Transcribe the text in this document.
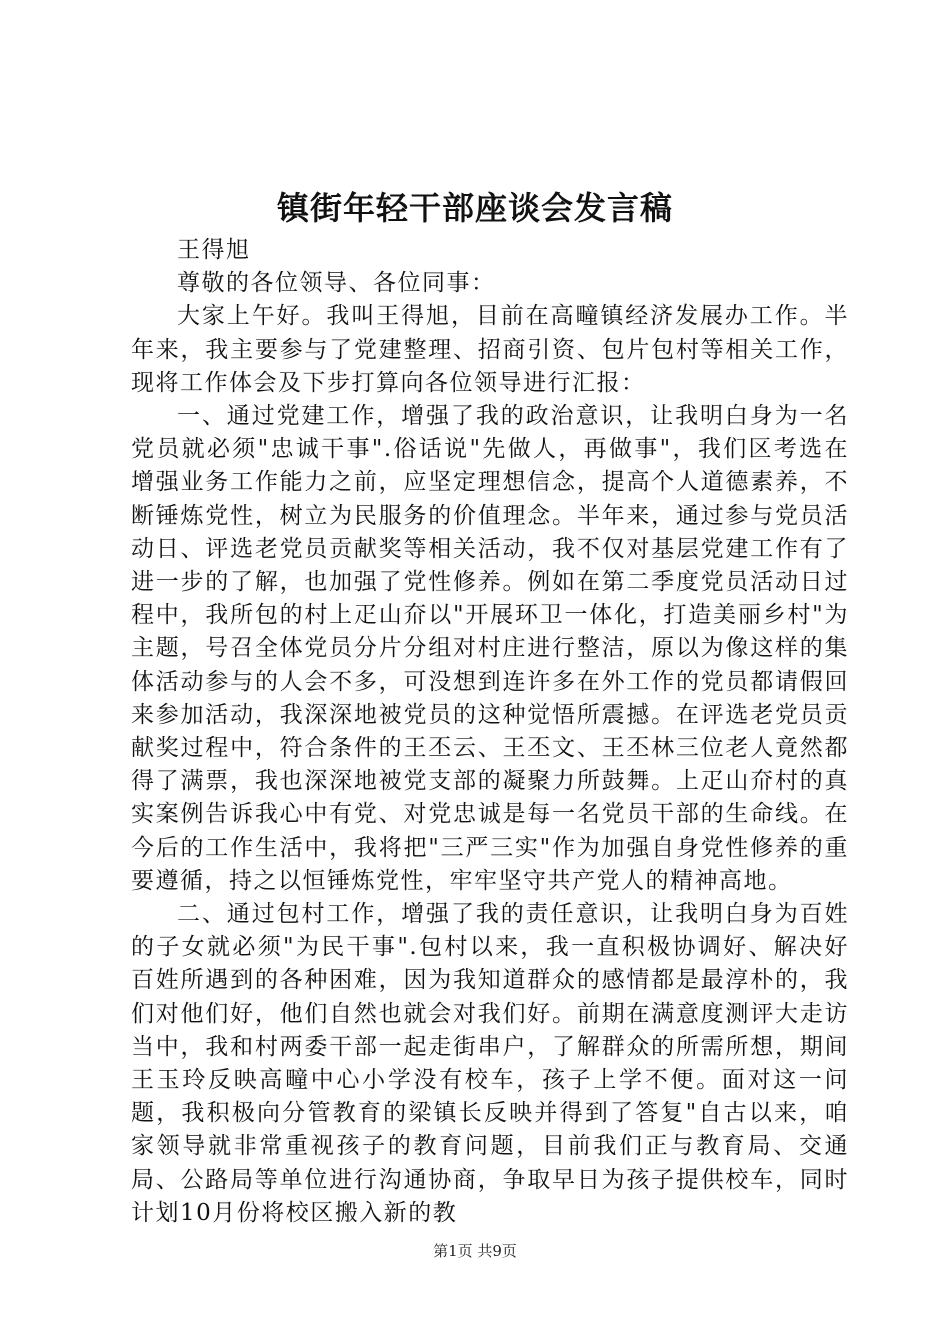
镇街年轻干部座谈会发言稿

王得旭

尊敬的各位领导、各位同事：

大家上午好。我叫王得旭，目前在高疃镇经济发展办工作。半年来，我主要参与了党建整理、招商引资、包片包村等相关工作，现将工作体会及下步打算向各位领导进行汇报：

一、通过党建工作，增强了我的政治意识，让我明白身为一名党员就必须"忠诚干事".俗话说"先做人，再做事"，我们区考选在增强业务工作能力之前，应坚定理想信念，提高个人道德素养，不断锤炼党性，树立为民服务的价值理念。半年来，通过参与党员活动日、评选老党员贡献奖等相关活动，我不仅对基层党建工作有了进一步的了解，也加强了党性修养。例如在第二季度党员活动日过程中，我所包的村上疋山夼以"开展环卫一体化，打造美丽乡村"为主题，号召全体党员分片分组对村庄进行整洁，原以为像这样的集体活动参与的人会不多，可没想到连许多在外工作的党员都请假回来参加活动，我深深地被党员的这种觉悟所震撼。在评选老党员贡献奖过程中，符合条件的王丕云、王丕文、王丕林三位老人竟然都得了满票，我也深深地被党支部的凝聚力所鼓舞。上疋山夼村的真实案例告诉我心中有党、对党忠诚是每一名党员干部的生命线。在今后的工作生活中，我将把"三严三实"作为加强自身党性修养的重要遵循，持之以恒锤炼党性，牢牢坚守共产党人的精神高地。

二、通过包村工作，增强了我的责任意识，让我明白身为百姓的子女就必须"为民干事".包村以来，我一直积极协调好、解决好百姓所遇到的各种困难，因为我知道群众的感情都是最淳朴的，我们对他们好，他们自然也就会对我们好。前期在满意度测评大走访当中，我和村两委干部一起走街串户，了解群众的所需所想，期间王玉玲反映高疃中心小学没有校车，孩子上学不便。面对这一问题，我积极向分管教育的梁镇长反映并得到了答复"自古以来，咱家领导就非常重视孩子的教育问题，目前我们正与教育局、交通局、公路局等单位进行沟通协商，争取早日为孩子提供校车，同时计划10月份将校区搬入新的教

第1页 共9页
